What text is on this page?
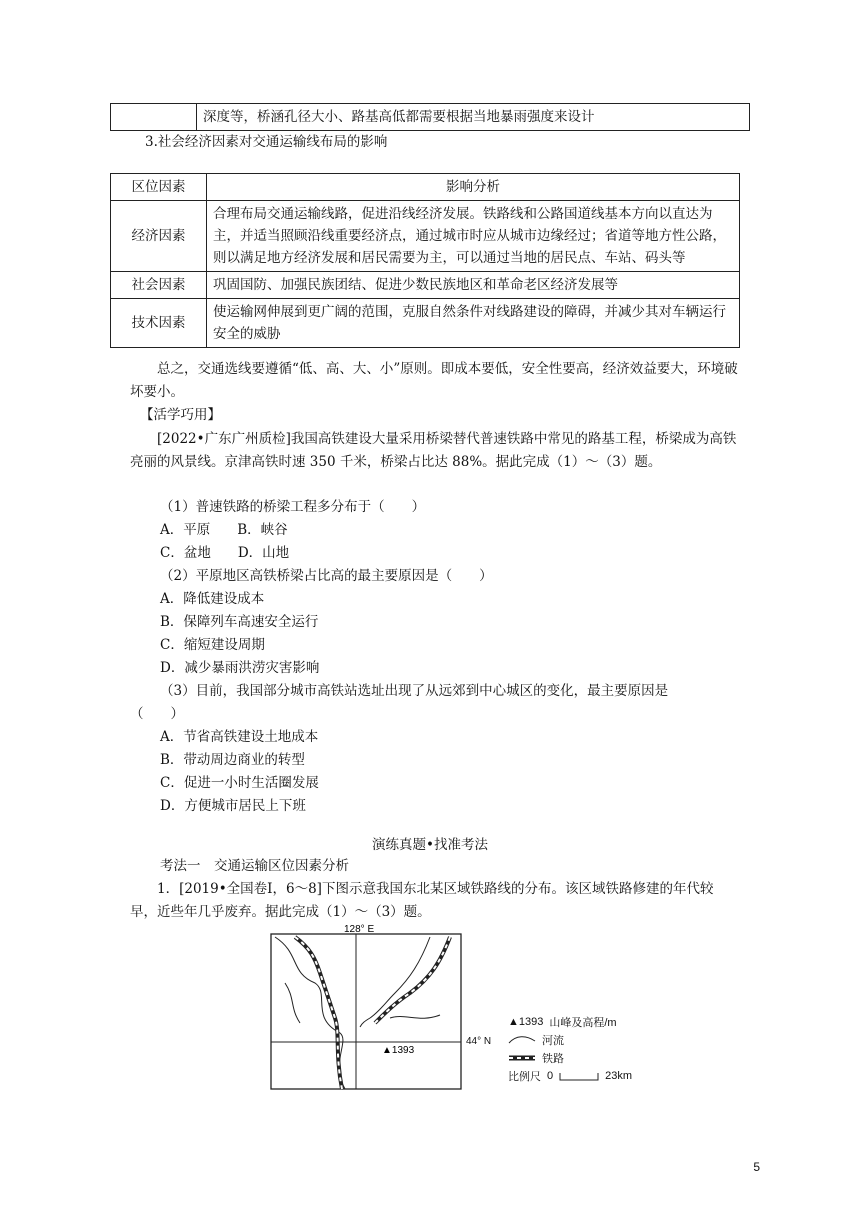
	深度等，桥涵孔径大小、路基高低都需要根据当地暴雨强度来设计
3.社会经济因素对交通运输线布局的影响
区位因素	影响分析
经济因素	合理布局交通运输线路，促进沿线经济发展。铁路线和公路国道线基本方向以直达为主，并适当照顾沿线重要经济点，通过城市时应从城市边缘经过；省道等地方性公路，则以满足地方经济发展和居民需要为主，可以通过当地的居民点、车站、码头等
社会因素	巩固国防、加强民族团结、促进少数民族地区和革命老区经济发展等
技术因素	使运输网伸展到更广阔的范围，克服自然条件对线路建设的障碍，并减少其对车辆运行安全的威胁
总之，交通选线要遵循“低、高、大、小”原则。即成本要低，安全性要高，经济效益要大，环境破坏要小。
【活学巧用】
[2022•广东广州质检]我国高铁建设大量采用桥梁替代普速铁路中常见的路基工程，桥梁成为高铁亮丽的风景线。京津高铁时速 350 千米，桥梁占比达 88%。据此完成（1）～（3）题。
（1）普速铁路的桥梁工程多分布于（　　）
A．平原　　B．峡谷
C．盆地　　D．山地
（2）平原地区高铁桥梁占比高的最主要原因是（　　）
A．降低建设成本
B．保障列车高速安全运行
C．缩短建设周期
D．减少暴雨洪涝灾害影响
（3）目前，我国部分城市高铁站选址出现了从远郊到中心城区的变化，最主要原因是
（　　）
A．节省高铁建设土地成本
B．带动周边商业的转型
C．促进一小时生活圈发展
D．方便城市居民上下班
演练真题•找准考法
考法一　交通运输区位因素分析
1．[2019•全国卷Ⅰ，6～8]下图示意我国东北某区域铁路线的分布。该区域铁路修建的年代较早，近些年几乎废弃。据此完成（1）～（3）题。
128° E
▲1393
44° N
▲1393 山峰及高程/m
河流
铁路
比例尺 0	23km
5
